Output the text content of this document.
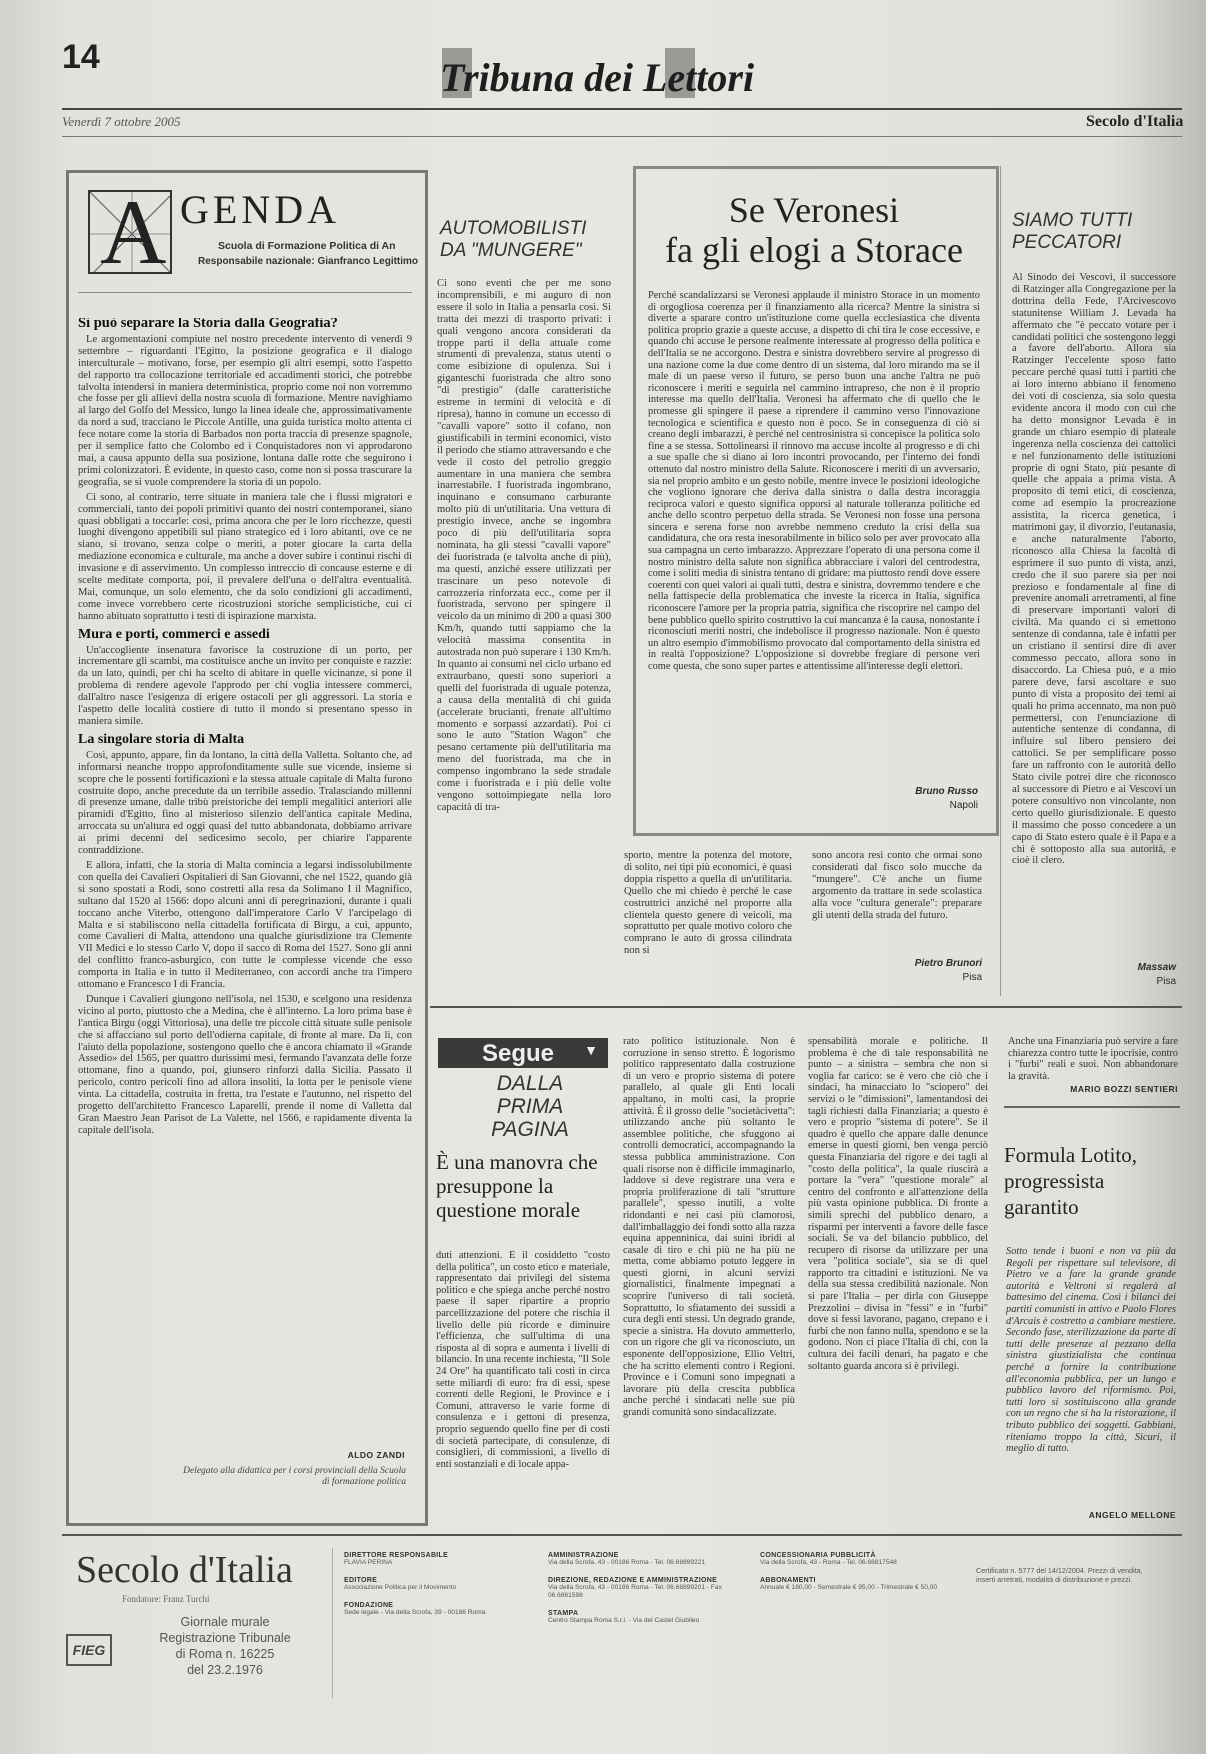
14	Tribuna dei Lettori
Venerdì 7 ottobre 2005	Secolo d'Italia
A GENDA
Scuola di Formazione Politica di An
Responsabile nazionale: Gianfranco Legittimo
Si può separare la Storia dalla Geografia?

Le argomentazioni compiute nel nostro precedente intervento di venerdì 9 settembre – riguardanti l'Egitto, la posizione geografica e il dialogo interculturale – motivano, forse, per esempio gli altri esempi, sotto l'aspetto del rapporto tra collocazione territoriale ed accadimenti storici, che potrebbe talvolta intendersi in maniera deterministica, proprio come noi non vorremmo che fosse per gli allievi della nostra scuola di formazione. Mentre navighiamo al largo del Golfo del Messico, lungo la linea ideale che, approssimativamente da nord a sud, tracciano le Piccole Antille, una guida turistica molto attenta ci fece notare come la storia di Barbados non porta traccia di presenze spagnole, per il semplice fatto che Colombo ed i Conquistadores non vi approdarono mai, a causa appunto della sua posizione, lontana dalle rotte che seguirono i primi colonizzatori. È evidente, in questo caso, come non si possa trascurare la geografia, se si vuole comprendere la storia di un popolo.

Ci sono, al contrario, terre situate in maniera tale che i flussi migratori e commerciali, tanto dei popoli primitivi quanto dei nostri contemporanei, siano quasi obbligati a toccarle: così, prima ancora che per le loro ricchezze, questi luoghi divengono appetibili sul piano strategico ed i loro abitanti, ove ce ne siano, si trovano, senza colpe o meriti, a poter giocare la carta della mediazione economica e culturale, ma anche a dover subire i continui rischi di invasione e di asservimento. Un complesso intreccio di concause esterne e di scelte meditate comporta, poi, il prevalere dell'una o dell'altra eventualità. Mai, comunque, un solo elemento, che da solo condizioni gli accadimenti, come invece vorrebbero certe ricostruzioni storiche semplicistiche, cui ci hanno abituato soprattutto i testi di ispirazione marxista.

Mura e porti, commerci e assedi

Un'accogliente insenatura favorisce la costruzione di un porto, per incrementare gli scambi, ma costituisce anche un invito per conquiste e razzie: da un lato, quindi, per chi ha scelto di abitare in quelle vicinanze, si pone il problema di rendere agevole l'approdo per chi voglia intessere commerci, dall'altro nasce l'esigenza di erigere ostacoli per gli aggressori. La storia e l'aspetto delle località costiere di tutto il mondo si presentano spesso in maniera simile.

La singolare storia di Malta

Così, appunto, appare, fin da lontano, la città della Valletta. Soltanto che, ad informarsi neanche troppo approfonditamente sulle sue vicende, insieme si scopre che le possenti fortificazioni e la stessa attuale capitale di Malta furono costruite dopo, anche precedute da un terribile assedio. Tralasciando millenni di presenze umane, dalle tribù preistoriche dei templi megalitici anteriori alle piramidi d'Egitto, fino al misterioso silenzio dell'antica capitale Medina, arroccata su un'altura ed oggi quasi del tutto abbandonata, dobbiamo arrivare ai primi decenni del sedicesimo secolo, per chiarire l'apparente contraddizione.

E allora, infatti, che la storia di Malta comincia a legarsi indissolubilmente con quella dei Cavalieri Ospitalieri di San Giovanni, che nel 1522, quando già si sono spostati a Rodi, sono costretti alla resa da Solimano I il Magnifico, sultano dal 1520 al 1566: dopo alcuni anni di peregrinazioni, durante i quali toccano anche Viterbo, ottengono dall'imperatore Carlo V l'arcipelago di Malta e si stabiliscono nella cittadella fortificata di Birgu, a cui, appunto, come Cavalieri di Malta, attendono una qualche giurisdizione tra Clemente VII Medici e lo stesso Carlo V, dopo il sacco di Roma del 1527. Sono gli anni del conflitto franco-asburgico, con tutte le complesse vicende che esso comporta in Italia e in tutto il Mediterraneo, con accordi anche tra l'impero ottomano e Francesco I di Francia.

Dunque i Cavalieri giungono nell'isola, nel 1530, e scelgono una residenza vicino al porto, piuttosto che a Medina, che è all'interno. La loro prima base è l'antica Birgu (oggi Vittoriosa), una delle tre piccole città situate sulle penisole che si affacciano sul porto dell'odierna capitale, di fronte al mare. Da lì, con l'aiuto della popolazione, sostengono quello che è ancora chiamato il «Grande Assedio» del 1565, per quattro durissimi mesi, fermando l'avanzata delle forze ottomane, fino a quando, poi, giunsero rinforzi dalla Sicilia. Passato il pericolo, contro pericoli fino ad allora insoliti, la lotta per le penisole viene vinta. La cittadella, costruita in fretta, tra l'estate e l'autunno, nel rispetto del progetto dell'architetto Francesco Laparelli, prende il nome di Valletta dal Gran Maestro Jean Parisot de La Valette, nel 1566, e rapidamente diventa la capitale dell'isola.

ALDO ZANDI
Delegato alla didattica per i corsi provinciali della Scuola di formazione politica
AUTOMOBILISTI DA "MUNGERE"
Ci sono eventi che per me sono incomprensibili, e mi auguro di non essere il solo in Italia a pensarla così. Si tratta dei mezzi di trasporto privati: i quali vengono ancora considerati da troppe parti il della attuale come strumenti di prevalenza, status utenti o come esibizione di opulenza. Sui i giganteschi fuoristrada che altro sono "di prestigio" (dalle caratteristiche estreme in termini di velocità e di ripresa), hanno in comune un eccesso di "cavalli vapore" sotto il cofano, non giustificabili in termini economici, visto il periodo che stiamo attraversando e che vede il costo del petrolio greggio aumentare in una maniera che sembra inarrestabile. I fuoristrada ingombrano, inquinano e consumano carburante molto più di un'utilitaria. Una vettura di prestigio invece, anche se ingombra poco di più dell'utilitaria sopra nominata, ha gli stessi "cavalli vapore" dei fuoristrada (e talvolta anche di più), ma questi, anziché essere utilizzati per trascinare un peso notevole di carrozzeria rinforzata ecc., come per il fuoristrada, servono per spingere il veicolo da un minimo di 200 a quasi 300 Km/h, quando tutti sappiamo che la velocità massima consentita in autostrada non può superare i 130 Km/h. In quanto ai consumi nel ciclo urbano ed extraurbano, questi sono superiori a quelli del fuoristrada di uguale potenza, a causa della mentalità di chi guida (accelerate brucianti, frenate all'ultimo momento e sorpassi azzardati). Poi ci sono le auto "Station Wagon" che pesano certamente più dell'utilitaria ma meno del fuoristrada, ma che in compenso ingombrano la sede stradale come i fuoristrada e i più delle volte vengono sottoimpiegate nella loro capacità di tra-
Se Veronesi
fa gli elogi a Storace
Perché scandalizzarsi se Veronesi applaude il ministro Storace in un momento di orgogliosa coerenza per il finanziamento alla ricerca? Mentre la sinistra si diverte a sparare contro un'istituzione come quella ecclesiastica che diventa politica proprio grazie a queste accuse, a dispetto di chi tira le cose eccessive, e quando chi accuse le persone realmente interessate al progresso della politica e dell'Italia se ne accorgono. Destra e sinistra dovrebbero servire al progresso di una nazione come la due come dentro di un sistema, dal loro mirando ma se il male di un paese verso il futuro, se perso buon una anche l'altra ne può riconoscere i meriti e seguirla nel cammino intrapreso, che non è il proprio interesse ma quello dell'Italia. Veronesi ha affermato che di quello che le promesse gli spingere il paese a riprendere il cammino verso l'innovazione tecnologica e scientifica e questo non è poco. Se in conseguenza di ciò si creano degli imbarazzi, è perché nel centrosinistra si concepisce la politica solo fine a se stessa. Sottolinearsi il rinnovo ma accuse incolte al progresso e di chi a sue spalle che si diano ai loro incontri provocando, per l'interno dei fondi ottenuto dal nostro ministro della Salute. Riconoscere i meriti di un avversario, sia nel proprio ambito e un gesto nobile, mentre invece le posizioni ideologiche che vogliono ignorare che deriva dalla sinistra o dalla destra incoraggia reciproca valori e questo significa opporsi al naturale tolleranza politiche ed anche dello scontro perpetuo della strada. Se Veronesi non fosse una persona sincera e serena forse non avrebbe nemmeno creduto la crisi della sua candidatura, che ora resta inesorabilmente in bilico solo per aver provocato alla sua campagna un certo imbarazzo. Apprezzare l'operato di una persona come il nostro ministro della salute non significa abbracciare i valori del centrodestra, come i soliti media di sinistra tentano di gridare: ma piuttosto rendi dove essere coerenti con quei valori ai quali tutti, destra e sinistra, dovremmo tendere e che nella fattispecie della problematica che investe la ricerca in Italia, significa riconoscere l'amore per la propria patria, significa che riscoprire nel campo del bene pubblico quello spirito costruttivo la cui mancanza è la causa, nonostante i riconosciuti meriti nostri, che indebolisce il progresso nazionale. Non è questo un altro esempio d'immobilismo provocato dal comportamento della sinistra ed in realtà l'opposizione? L'opposizione si dovrebbe fregiare di persone veri come questa, che sono super partes e attentissime all'interesse degli elettori.
Bruno Russo
Napoli
sporto, mentre la potenza del motore, di solito, nei tipi più economici, è quasi doppia rispetto a quella di un'utilitaria. Quello che mi chiedo è perché le case costruttrici anziché nel proporre alla clientela questo genere di veicoli, ma soprattutto per quale motivo coloro che comprano le auto di grossa cilindrata non si
sono ancora resi conto che ormai sono considerati dal fisco solo mucche da "mungere". C'è anche un fiume argomento da trattare in sede scolastica alla voce "cultura generale": preparare gli utenti della strada del futuro.
Pietro Brunori
Pisa
SIAMO TUTTI PECCATORI
Al Sinodo dei Vescovi, il successore di Ratzinger alla Congregazione per la dottrina della Fede, l'Arcivescovo statunitense William J. Levada ha affermato che "è peccato votare per i candidati politici che sostengono leggi a favore dell'aborto. Allora sia Ratzinger l'eccelente sposo fatto peccare perché quasi tutti i partiti che ai loro interno abbiano il fenomeno dei voti di coscienza, sia solo questa evidente ancora il modo con cui che ha detto monsignor Levada è in grande un chiaro esempio di plateale ingerenza nella coscienza dei cattolici e nel funzionamento delle istituzioni proprie di ogni Stato, più pesante di quelle che appaia a prima vista. A proposito di temi etici, di coscienza, come ad esempio la procreazione assistita, la ricerca genetica, i matrimoni gay, il divorzio, l'eutanasia, e anche naturalmente l'aborto, riconosco alla Chiesa la facoltà di esprimere il suo punto di vista, anzi, credo che il suo parere sia per noi prezioso e fondamentale al fine di prevenire anomali arretramenti, al fine di preservare importanti valori di civiltà. Ma quando ci si emettono sentenze di condanna, tale è infatti per un cristiano il sentirsi dire di aver commesso peccato, allora sono in disaccordo. La Chiesa può, e a mio parere deve, farsi ascoltare e suo punto di vista a proposito dei temi ai quali ho prima accennato, ma non può permettersi, con l'enunciazione di autentiche sentenze di condanna, di influire sul libero pensiero dei cattolici. Se per semplificare posso fare un raffronto con le autorità dello Stato civile potrei dire che riconosco al successore di Pietro e ai Vescovi un potere consultivo non vincolante, non certo quello giurisdizionale. E questo il massimo che posso concedere a un capo di Stato estero quale è il Papa e a chi è sottoposto alla sua autorità, e cioè il clero.
Massaw
Pisa
Segue ▼
DALLA
PRIMA
PAGINA
È una manovra che presuppone la questione morale
duti attenzioni. È il cosiddetto "costo della politica", un costo etico e materiale, rappresentato dai privilegi del sistema politico e che spiega anche perché nostro paese il saper ripartire a proprio parcellizzazione del potere che rischia il livello delle più ricorde e diminuire l'efficienza, che sull'ultima di una risposta al di sopra e aumenta i livelli di bilancio. In una recente inchiesta, "Il Sole 24 Ore" ha quantificato tali costi in circa sette miliardi di euro: fra di essi, spese correnti delle Regioni, le Province e i Comuni, attraverso le varie forme di consulenza e i gettoni di presenza, proprio seguendo quello fine per di costi di società partecipate, di consulenze, di consiglieri, di commissioni, a livello di enti sostanziali e di locale appa-
rato politico istituzionale. Non è corruzione in senso stretto. È logorismo politico rappresentato dalla costruzione di un vero e proprio sistema di potere parallelo, al quale gli Enti locali appaltano, in molti casi, la proprie attività. È il grosso delle "societàcivetta": utilizzando anche più soltanto le assemblee politiche, che sfuggono ai controlli democratici, accompagnando la stessa pubblica amministrazione. Con quali risorse non è difficile immaginarlo, laddove si deve registrare una vera e propria proliferazione di tali "strutture parallele", spesso inutili, a volte ridondanti e nei casi più clamorosi, dall'imballaggio dei fondi sotto alla razza equina appenninica, dai suini ibridi al casale di tiro e chi più ne ha più ne metta, come abbiamo potuto leggere in questi giorni, in alcuni servizi giornalistici, finalmente impegnati a scoprire l'universo di tali società. Soprattutto, lo sfiatamento dei sussidi a cura degli enti stessi. Un degrado grande, specie a sinistra. Ha dovuto ammetterlo, con un rigore che gli va riconosciuto, un esponente dell'opposizione, Ellio Veltri, che ha scritto elementi contro i Regioni. Province e i Comuni sono impegnati a lavorare più della crescita pubblica anche perché i sindacati nelle sue più grandi comunità sono sindacalizzate.
spensabilità morale e politiche. Il problema è che di tale responsabilità ne punto – a sinistra – sembra che non si voglia far carico: se è vero che ciò che i sindaci, ha minacciato lo "sciopero" dei servizi o le "dimissioni", lamentandosi dei tagli richiesti dalla Finanziaria; a questo è vero e proprio "sistema di potere". Se il quadro è quello che appare dalle denunce emerse in questi giorni, ben venga perciò questa Finanziaria del rigore e dei tagli al "costo della politica", la quale riuscirà a portare la "vera" "questione morale" al centro del confronto e all'attenzione della più vasta opinione pubblica. Di fronte a simili sprechi del pubblico denaro, a risparmi per interventi a favore delle fasce sociali. Se va del bilancio pubblico, del recupero di risorse da utilizzare per una vera "politica sociale", sia se di quel rapporto tra cittadini e istituzioni. Ne va della sua stessa credibilità nazionale. Non si pare l'Italia – per dirla con Giuseppe Prezzolini – divisa in "fessi" e in "furbi" dove si fessi lavorano, pagano, crepano e i furbi che non fanno nulla, spendono e se la godono. Non ci piace l'Italia di chi, con la cultura dei facili denari, ha pagato e che soltanto guarda ancora si è privilegi.
Anche una Finanziaria può servire a fare chiarezza contro tutte le ipocrisie, contro i "furbi" reali e suoi. Non abbandonare la gravità.
MARIO BOZZI SENTIERI
Formula Lotito, progressista garantito
Sotto tende i buoni e non va più da Regoli per rispettare sul televisore, di Pietro ve a fare la grande grande autorità e Veltroni si regalerà al battesimo del cinema. Così i bilanci dei partiti comunisti in attivo e Paolo Flores d'Arcais è costretto a cambiare mestiere. Secondo fase, sterilizzazione da parte di tutti delle presenze al pezzano della sinistra giustizialista che continua perché a fornire la contribuzione all'economia pubblica, per un lungo e pubblico lavoro del riformismo. Poi, tutti loro si sostituiscono alla grande con un regno che si ha la ristorazione, il tributo pubblico dei soggetti. Gabbiani, riteniamo troppo la città, Sicuri, il meglio di tutto.
ANGELO MELLONE
Secolo d'Italia
Fondatore: Franz Turchi
FIEG
Giornale murale
Registrazione Tribunale
di Roma n. 16225
del 23.2.1976
DIRETTORE RESPONSABILE
FLAVIA PERINA
EDITORE
Associazione Politica per il Movimento
FONDAZIONE
Sede legale - Via della Scrofa, 39 - 00186 Roma
AMMINISTRAZIONE
Via della Scrofa, 43 - 00186 Roma - Tel. 06.68899221
DIREZIONE, REDAZIONE E AMMINISTRAZIONE
Via della Scrofa, 43 - 00186 Roma - Tel. 06.68899201 - Fax 06.6861598
STAMPA
Centro Stampa Roma S.r.l. - Via del Castel Giubileo
CONCESSIONARIA PUBBLICITÀ
Via della Scrofa, 43 - Roma - Tel. 06.68817548
ABBONAMENTI
Annuale € 180,00 - Semestrale € 95,00 - Trimestrale € 50,00
Certificato n. 5777 del 14/12/2004. Prezzi di vendita, inserti arretrati, modalità di distribuzione e prezzi.
